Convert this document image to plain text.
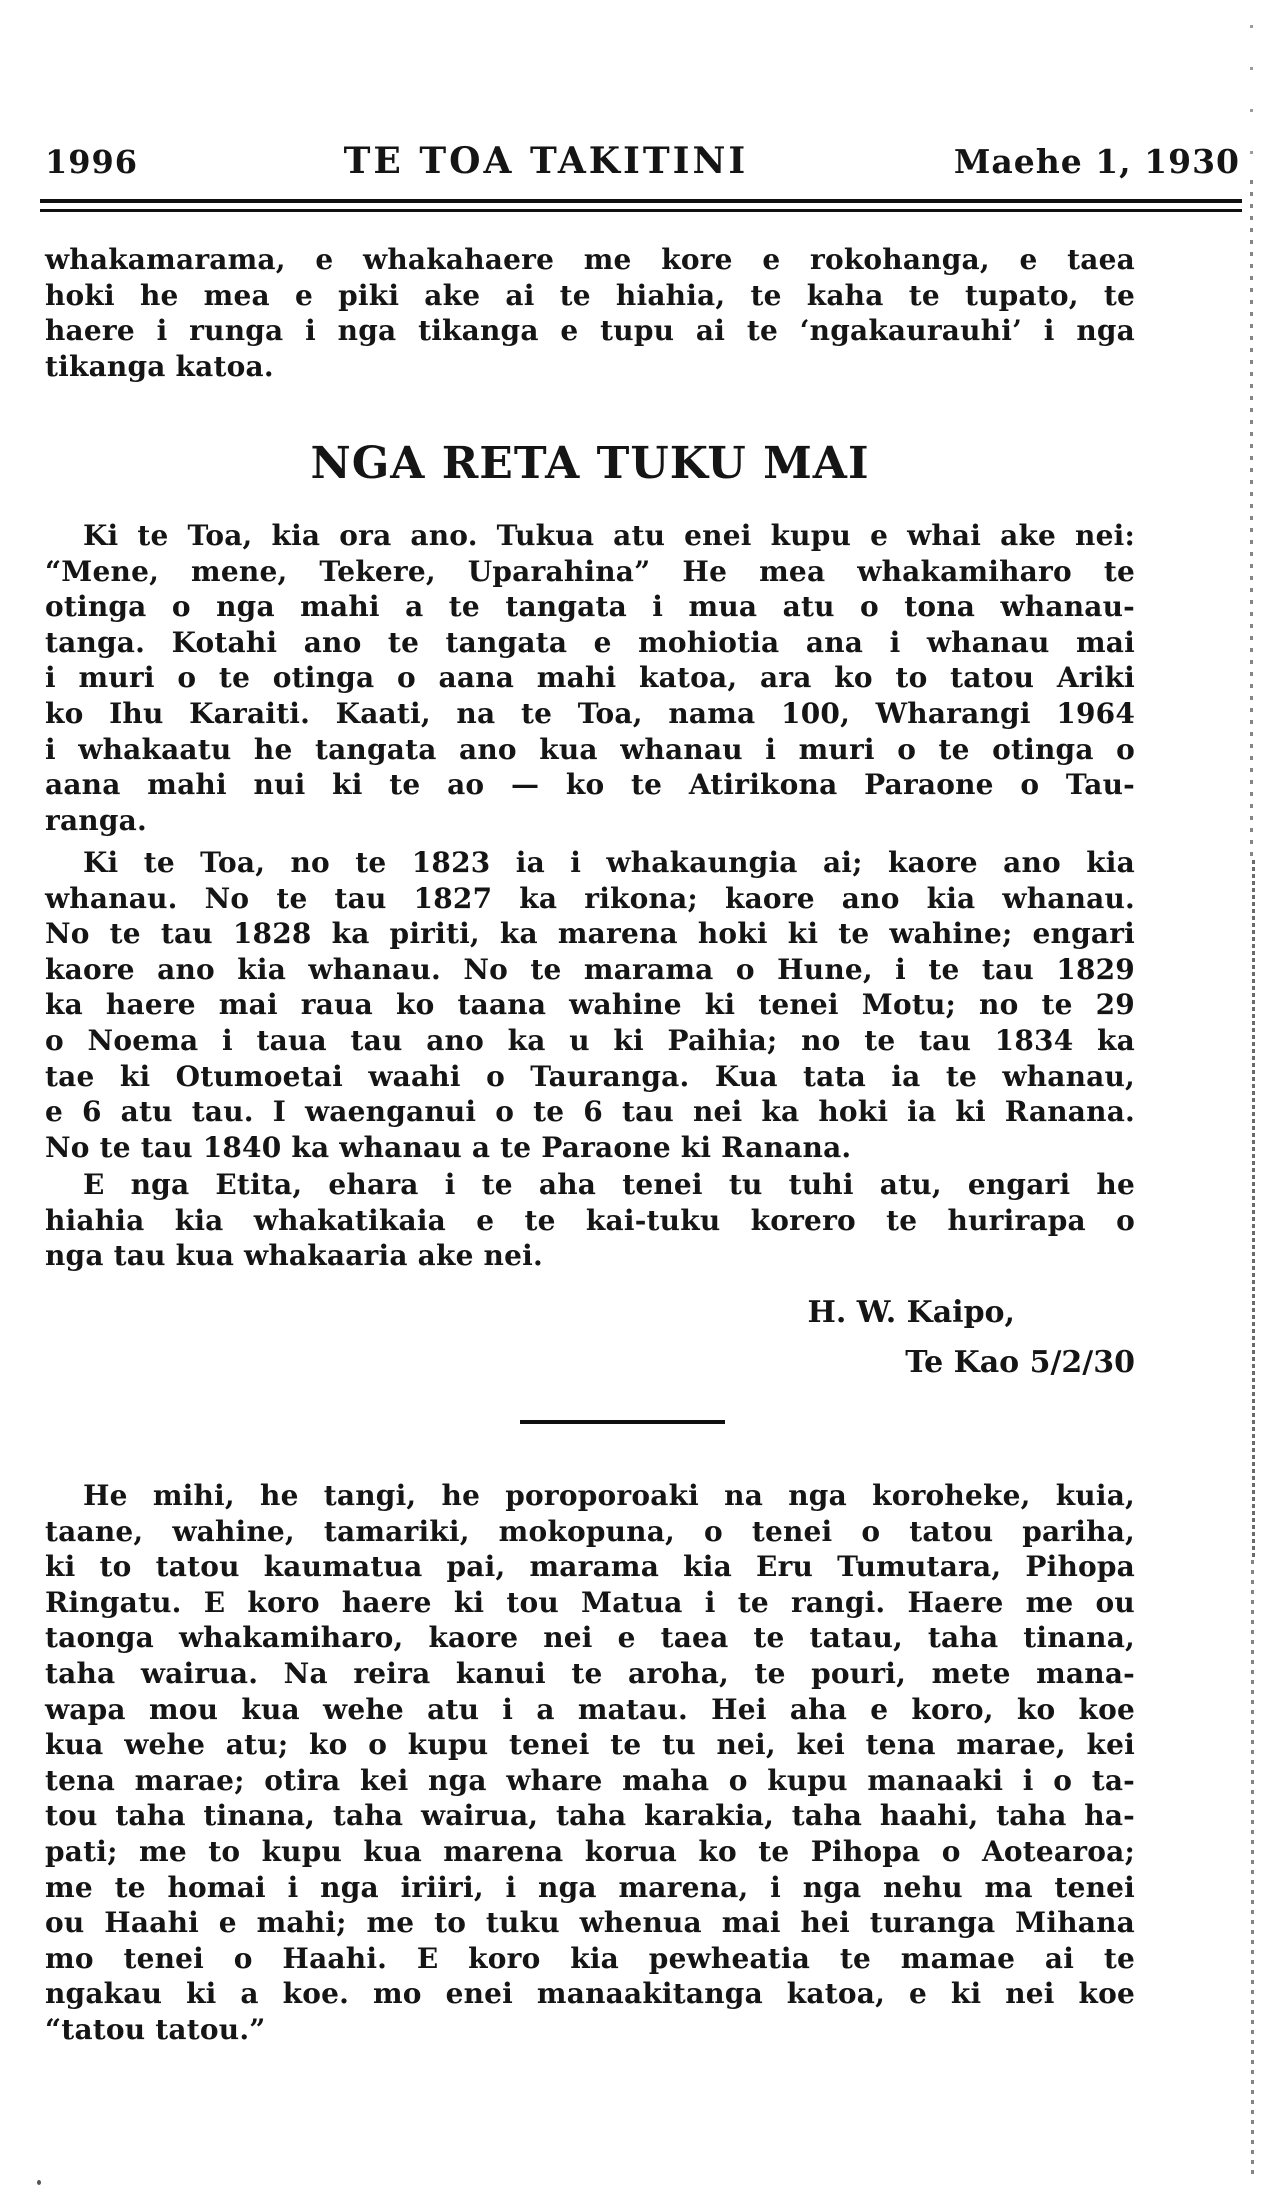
1996	TE TOA TAKITINI	Maehe 1, 1930
whakamarama, e whakahaere me kore e rokohanga, e taea
hoki he mea e piki ake ai te hiahia, te kaha te tupato, te
haere i runga i nga tikanga e tupu ai te ‘ngakaurauhi’ i nga
tikanga katoa.
NGA RETA TUKU MAI
Ki te Toa, kia ora ano. Tukua atu enei kupu e whai ake nei:
“Mene, mene, Tekere, Uparahina” He mea whakamiharo te
otinga o nga mahi a te tangata i mua atu o tona whanau-
tanga. Kotahi ano te tangata e mohiotia ana i whanau mai
i muri o te otinga o aana mahi katoa, ara ko to tatou Ariki
ko Ihu Karaiti. Kaati, na te Toa, nama 100, Wharangi 1964
i whakaatu he tangata ano kua whanau i muri o te otinga o
aana mahi nui ki te ao — ko te Atirikona Paraone o Tau-
ranga.
Ki te Toa, no te 1823 ia i whakaungia ai; kaore ano kia
whanau. No te tau 1827 ka rikona; kaore ano kia whanau.
No te tau 1828 ka piriti, ka marena hoki ki te wahine; engari
kaore ano kia whanau. No te marama o Hune, i te tau 1829
ka haere mai raua ko taana wahine ki tenei Motu; no te 29
o Noema i taua tau ano ka u ki Paihia; no te tau 1834 ka
tae ki Otumoetai waahi o Tauranga. Kua tata ia te whanau,
e 6 atu tau. I waenganui o te 6 tau nei ka hoki ia ki Ranana.
No te tau 1840 ka whanau a te Paraone ki Ranana.
E nga Etita, ehara i te aha tenei tu tuhi atu, engari he
hiahia kia whakatikaia e te kai-tuku korero te hurirapa o
nga tau kua whakaaria ake nei.
H. W. Kaipo,
Te Kao 5/2/30
He mihi, he tangi, he poroporoaki na nga koroheke, kuia,
taane, wahine, tamariki, mokopuna, o tenei o tatou pariha,
ki to tatou kaumatua pai, marama kia Eru Tumutara, Pihopa
Ringatu. E koro haere ki tou Matua i te rangi. Haere me ou
taonga whakamiharo, kaore nei e taea te tatau, taha tinana,
taha wairua. Na reira kanui te aroha, te pouri, mete mana-
wapa mou kua wehe atu i a matau. Hei aha e koro, ko koe
kua wehe atu; ko o kupu tenei te tu nei, kei tena marae, kei
tena marae; otira kei nga whare maha o kupu manaaki i o ta-
tou taha tinana, taha wairua, taha karakia, taha haahi, taha ha-
pati; me to kupu kua marena korua ko te Pihopa o Aotearoa;
me te homai i nga iriiri, i nga marena, i nga nehu ma tenei
ou Haahi e mahi; me to tuku whenua mai hei turanga Mihana
mo tenei o Haahi. E koro kia pewheatia te mamae ai te
ngakau ki a koe. mo enei manaakitanga katoa, e ki nei koe
“tatou tatou.”
